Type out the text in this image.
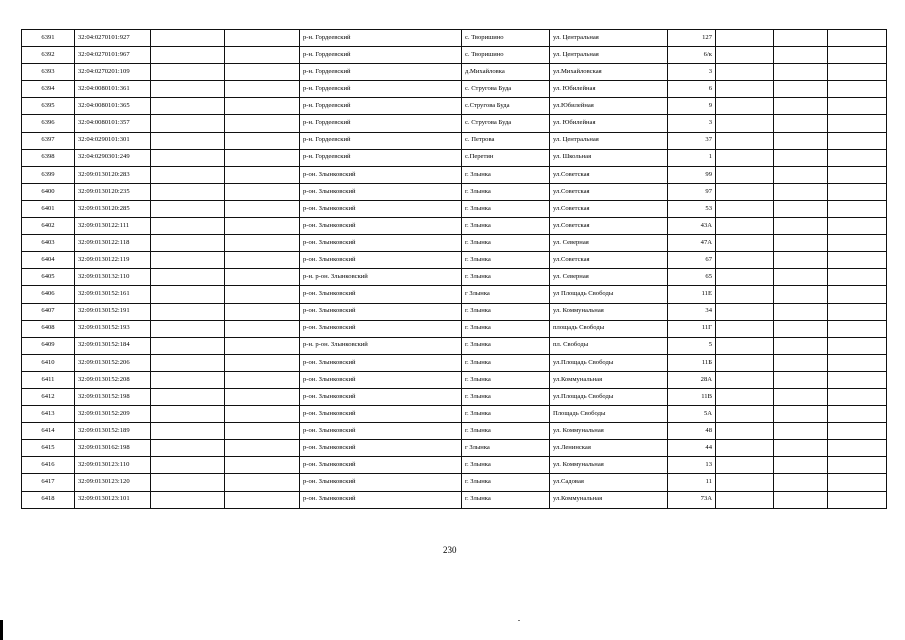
6391	32:04:0270101:927			р-н. Гордеевский	с. Творишино	ул. Центральная	127			
6392	32:04:0270101:967			р-н. Гордеевский	с. Творишино	ул. Центральная	6/к			
6393	32:04:0270201:109			р-н. Гордеевский	д.Михайловка	ул.Михайловская	3			
6394	32:04:0080101:361			р-н. Гордеевский	с. Стругова Буда	ул. Юбилейная	6			
6395	32:04:0080101:365			р-н. Гордеевский	с.Стругова Буда	ул.Юбилейная	9			
6396	32:04:0080101:357			р-н. Гордеевский	с. Стругова Буда	ул. Юбилейная	3			
6397	32:04:0290101:301			р-н. Гордеевский	с. Петрова	ул. Центральная	37			
6398	32:04:0290301:249			р-н. Гордеевский	с.Перетин	ул. Школьная	1			
6399	32:09:0130120:283			р-он. Злынковский	г. Злынка	ул.Советская	99			
6400	32:09:0130120:235			р-он. Злынковский	г. Злынка	ул.Советская	97			
6401	32:09:0130120:285			р-он. Злынковский	г. Злынка	ул.Советская	53			
6402	32:09:0130122:111			р-он. Злынковский	г. Злынка	ул.Советская	43А			
6403	32:09:0130122:118			р-он. Злынковский	г. Злынка	ул. Северная	47А			
6404	32:09:0130122:119			р-он. Злынковский	г. Злынка	ул.Советская	67			
6405	32:09:0130132:110			р-н. р-он. Злынковский	г. Злынка	ул. Северная	65			
6406	32:09:0130152:161			р-он. Злынковский	г Злынка	ул Площадь Свободы	11Е			
6407	32:09:0130152:191			р-он. Злынковский	г. Злынка	ул. Коммунальная	34			
6408	32:09:0130152:193			р-он. Злынковский	г. Злынка	площадь Свободы	11Г			
6409	32:09:0130152:184			р-н. р-он. Злынковский	г. Злынка	пл. Свободы	5			
6410	32:09:0130152:206			р-он. Злынковский	г. Злынка	ул.Площадь Свободы	11Б			
6411	32:09:0130152:208			р-он. Злынковский	г. Злынка	ул.Коммунальная	28А			
6412	32:09:0130152:198			р-он. Злынковский	г. Злынка	ул.Площадь Свободы	11В			
6413	32:09:0130152:209			р-он. Злынковский	г. Злынка	Площадь Свободы	5А			
6414	32:09:0130152:189			р-он. Злынковский	г. Злынка	ул. Коммунальная	48			
6415	32:09:0130162:198			р-он. Злынковский	г Злынка	ул.Ленинская	44			
6416	32:09:0130123:110			р-он. Злынковский	г. Злынка	ул. Коммунальная	13			
6417	32:09:0130123:120			р-он. Злынковский	г. Злынка	ул.Садовая	11			
6418	32:09:0130123:101			р-он. Злынковский	г. Злынка	ул.Коммунальная	73А			
230
